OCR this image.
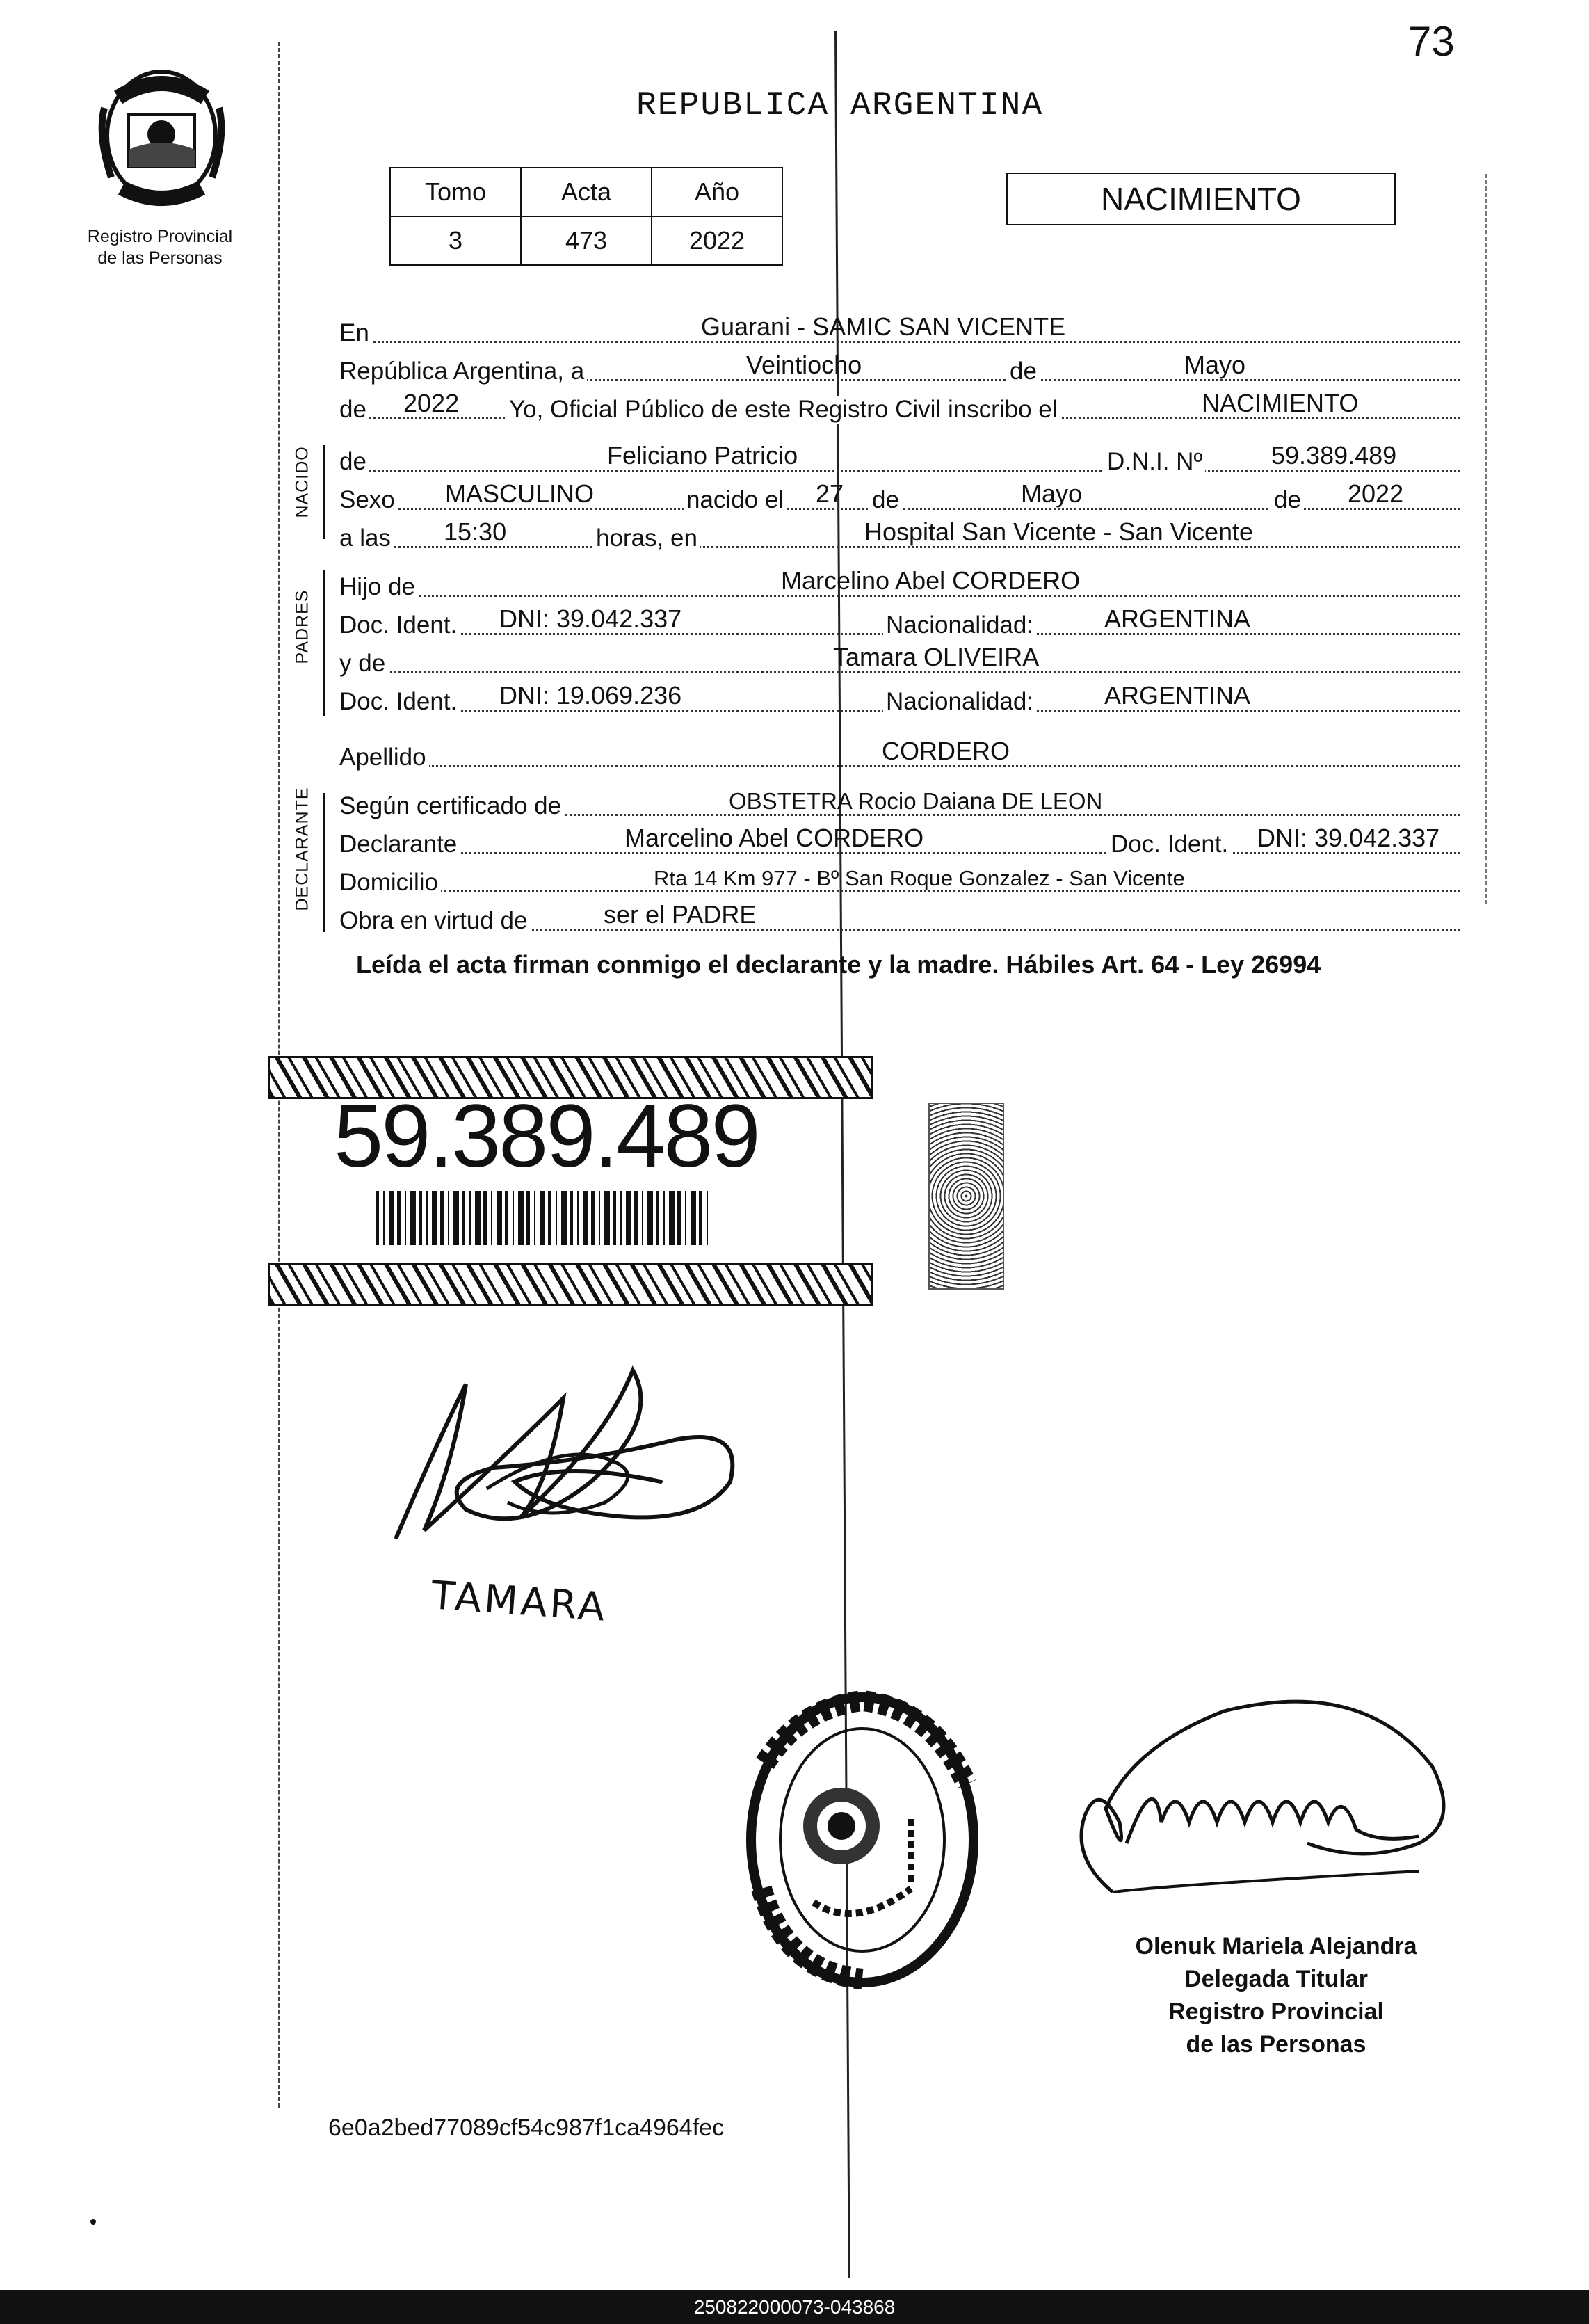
73
Registro Provincial
de las Personas
REPUBLICA ARGENTINA
Tomo	Acta	Año
3	473	2022
NACIMIENTO
NACIDO
PADRES
DECLARANTE
En	Guarani - SAMIC SAN VICENTE
República Argentina, a	Veintiocho	de	Mayo
de 2022 Yo, Oficial Público de este Registro Civil inscribo el	NACIMIENTO
de	Feliciano Patricio	D.N.I. Nº	59.389.489
Sexo MASCULINO	nacido el 27 de	Mayo	de 2022
a las 15:30	horas, en	Hospital San Vicente - San Vicente
Hijo de	Marcelino Abel CORDERO
Doc. Ident. DNI: 39.042.337	Nacionalidad:	ARGENTINA
y de	Tamara OLIVEIRA
Doc. Ident. DNI: 19.069.236	Nacionalidad:	ARGENTINA
Apellido	CORDERO
Según certificado de	OBSTETRA Rocio Daiana DE LEON
Declarante	Marcelino Abel CORDERO	Doc. Ident. DNI: 39.042.337
Domicilio	Rta 14 Km 977 - Bº San Roque Gonzalez - San Vicente
Obra en virtud de	ser el PADRE
Leída el acta firman conmigo el declarante y la madre. Hábiles Art. 64 - Ley 26994
59.389.489
TAMARA
Olenuk Mariela Alejandra
Delegada Titular
Registro Provincial
de las Personas
6e0a2bed77089cf54c987f1ca4964fec
250822000073-043868
